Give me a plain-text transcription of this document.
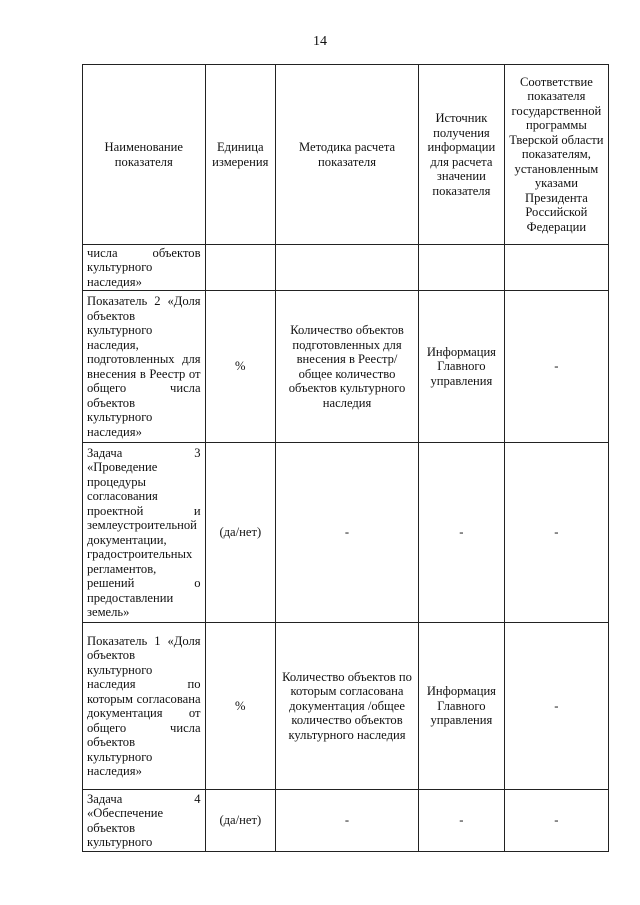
14
Наименование показателя	Единица измерения	Методика расчета показателя	Источник получения информации для расчета значении показателя	Соответствие показателя государственной программы Тверской области показателям, установленным указами Президента Российской Федерации
числа объектов культурного наследия»				
Показатель 2 «Доля объектов культурного наследия, подготовленных для внесения в Реестр от общего числа объектов культурного наследия»	%	Количество объектов подготовленных для внесения в Реестр/общее количество объектов культурного наследия	Информация Главного управления	-
Задача 3 «Проведение процедуры согласования проектной и землеустроительной документации, градостроительных регламентов, решений о предоставлении земель»	(да/нет)	-	-	-
Показатель 1 «Доля объектов культурного наследия по которым согласована документация от общего числа объектов культурного наследия»	%	Количество объектов по которым согласована документация /общее количество объектов культурного наследия	Информация Главного управления	-
Задача 4 «Обеспечение объектов культурного	(да/нет)	-	-	-
